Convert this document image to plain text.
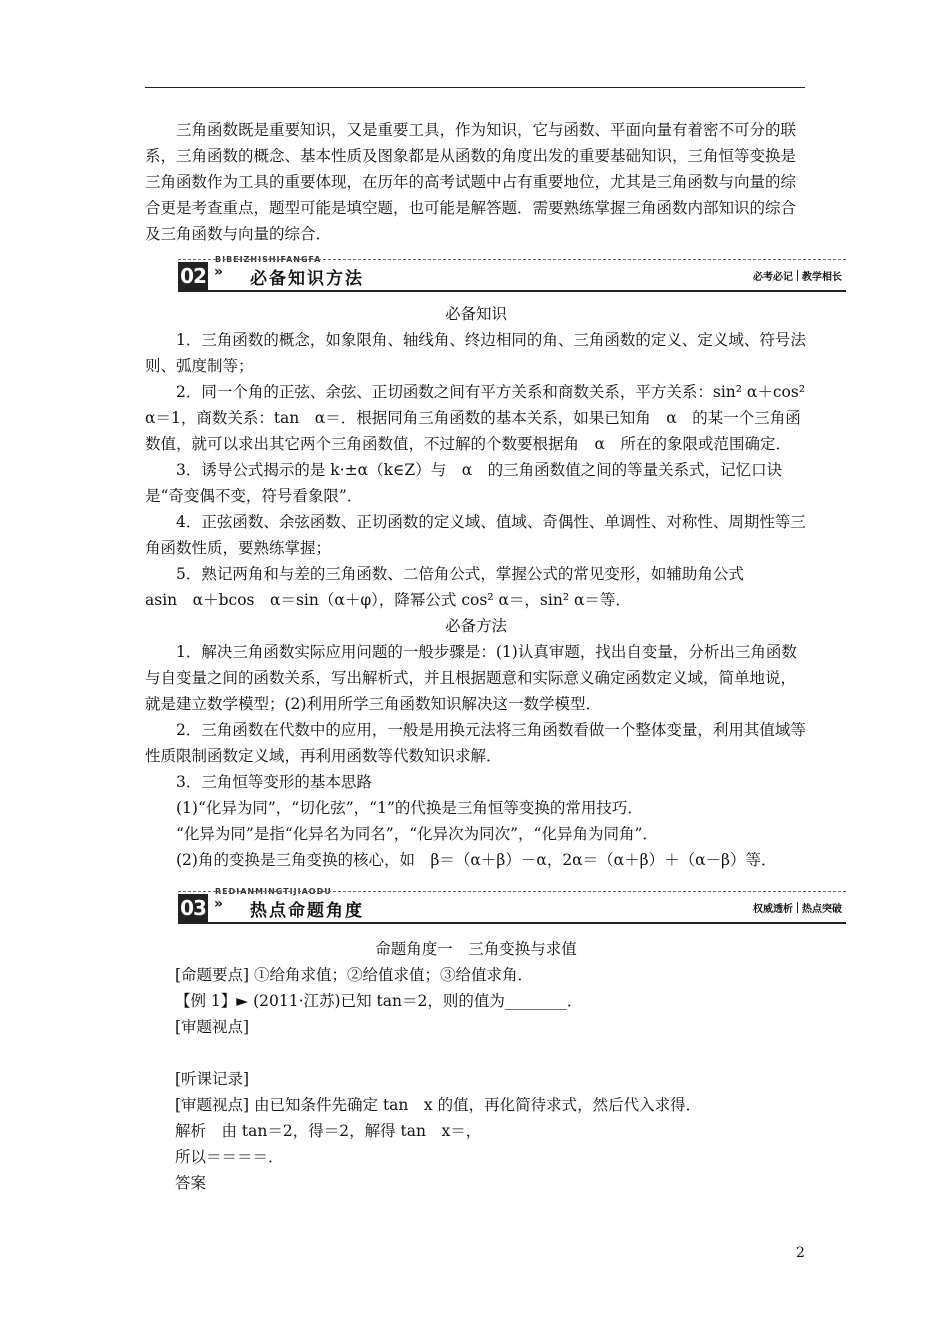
三角函数既是重要知识，又是重要工具，作为知识，它与函数、平面向量有着密不可分的联系，三角函数的概念、基本性质及图象都是从函数的角度出发的重要基础知识，三角恒等变换是三角函数作为工具的重要体现，在历年的高考试题中占有重要地位，尤其是三角函数与向量的综合更是考查重点，题型可能是填空题，也可能是解答题．需要熟练掌握三角函数内部知识的综合及三角函数与向量的综合．

BIBEIZHISHIFANGFA
02 » 必备知识方法	必考必记 教学相长

必备知识

1．三角函数的概念，如象限角、轴线角、终边相同的角、三角函数的定义、定义域、符号法则、弧度制等；

2．同一个角的正弦、余弦、正切函数之间有平方关系和商数关系，平方关系：sin² α＋cos² α＝1，商数关系：tan　α＝．根据同角三角函数的基本关系，如果已知角　α　的某一个三角函数值，就可以求出其它两个三角函数值，不过解的个数要根据角　α　所在的象限或范围确定．

3．诱导公式揭示的是 k·±α（k∈Z）与　α　的三角函数值之间的等量关系式，记忆口诀是“奇变偶不变，符号看象限”．

4．正弦函数、余弦函数、正切函数的定义域、值域、奇偶性、单调性、对称性、周期性等三角函数性质，要熟练掌握；

5．熟记两角和与差的三角函数、二倍角公式，掌握公式的常见变形，如辅助角公式

asin　α＋bcos　α＝sin（α＋φ），降幂公式 cos² α＝，sin² α＝等．

必备方法

1．解决三角函数实际应用问题的一般步骤是：(1)认真审题，找出自变量，分析出三角函数与自变量之间的函数关系，写出解析式，并且根据题意和实际意义确定函数定义域，简单地说，就是建立数学模型；(2)利用所学三角函数知识解决这一数学模型．

2．三角函数在代数中的应用，一般是用换元法将三角函数看做一个整体变量，利用其值域等性质限制函数定义域，再利用函数等代数知识求解．

3．三角恒等变形的基本思路

(1)“化异为同”，“切化弦”，“1”的代换是三角恒等变换的常用技巧．

“化异为同”是指“化异名为同名”，“化异次为同次”，“化异角为同角”．

(2)角的变换是三角变换的核心，如　β＝（α＋β）－α，2α＝（α＋β）＋（α－β）等．

REDIANMINGTIJIAODU
03 » 热点命题角度	权威透析 热点突破

命题角度一　三角变换与求值

[命题要点] ①给角求值；②给值求值；③给值求角．

【例 1】► (2011·江苏)已知 tan＝2，则的值为________．

[审题视点]

[听课记录]

[审题视点] 由已知条件先确定 tan　x 的值，再化简待求式，然后代入求得．

解析　由 tan＝2，得＝2，解得 tan　x＝，

所以＝＝＝＝．

答案

2
